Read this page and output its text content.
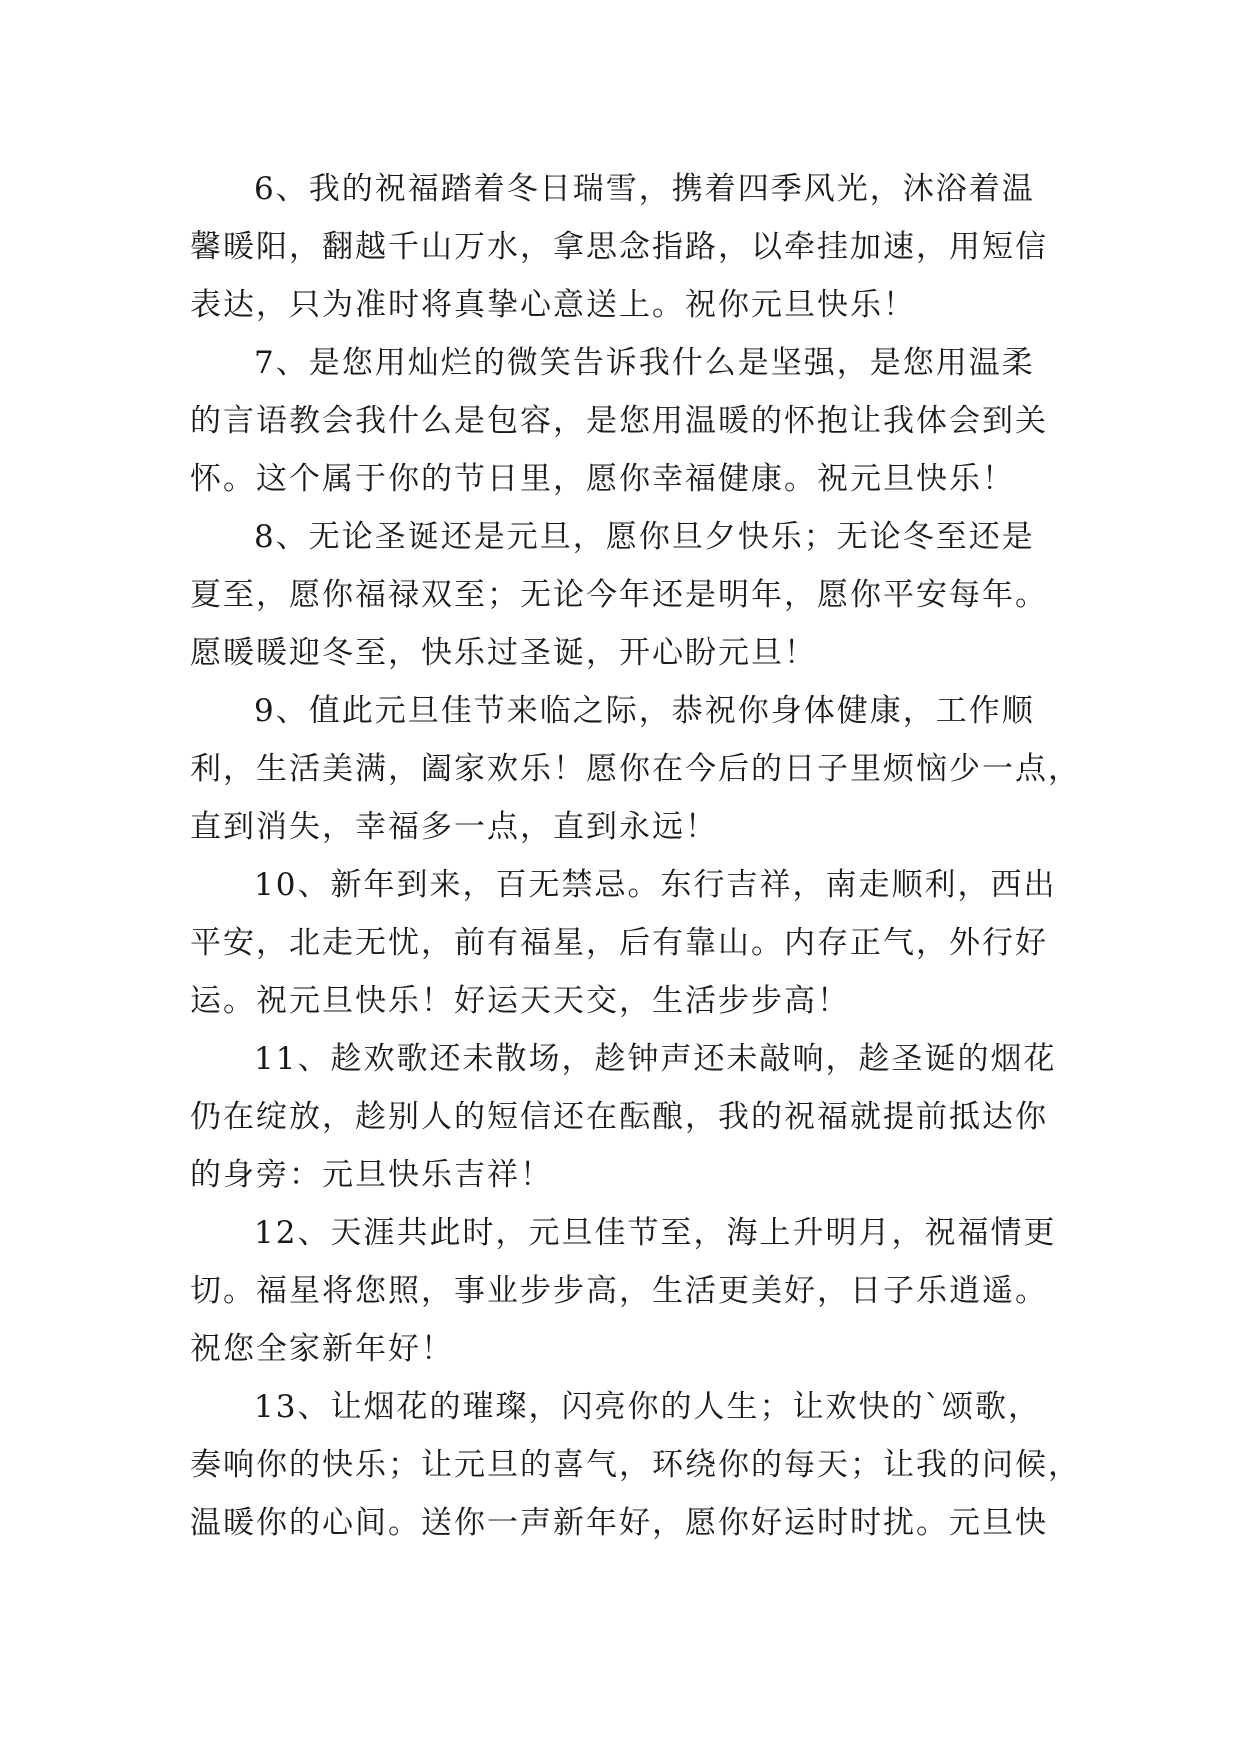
6、我的祝福踏着冬日瑞雪，携着四季风光，沐浴着温
馨暖阳，翻越千山万水，拿思念指路，以牵挂加速，用短信
表达，只为准时将真挚心意送上。祝你元旦快乐！

7、是您用灿烂的微笑告诉我什么是坚强，是您用温柔
的言语教会我什么是包容，是您用温暖的怀抱让我体会到关
怀。这个属于你的节日里，愿你幸福健康。祝元旦快乐！

8、无论圣诞还是元旦，愿你旦夕快乐；无论冬至还是
夏至，愿你福禄双至；无论今年还是明年，愿你平安每年。
愿暖暖迎冬至，快乐过圣诞，开心盼元旦！

9、值此元旦佳节来临之际，恭祝你身体健康，工作顺
利，生活美满，阖家欢乐！愿你在今后的日子里烦恼少一点，
直到消失，幸福多一点，直到永远！

10、新年到来，百无禁忌。东行吉祥，南走顺利，西出
平安，北走无忧，前有福星，后有靠山。内存正气，外行好
运。祝元旦快乐！好运天天交，生活步步高！

11、趁欢歌还未散场，趁钟声还未敲响，趁圣诞的烟花
仍在绽放，趁别人的短信还在酝酿，我的祝福就提前抵达你
的身旁：元旦快乐吉祥！

12、天涯共此时，元旦佳节至，海上升明月，祝福情更
切。福星将您照，事业步步高，生活更美好，日子乐逍遥。
祝您全家新年好！

13、让烟花的璀璨，闪亮你的人生；让欢快的`颂歌，
奏响你的快乐；让元旦的喜气，环绕你的每天；让我的问候，
温暖你的心间。送你一声新年好，愿你好运时时扰。元旦快
